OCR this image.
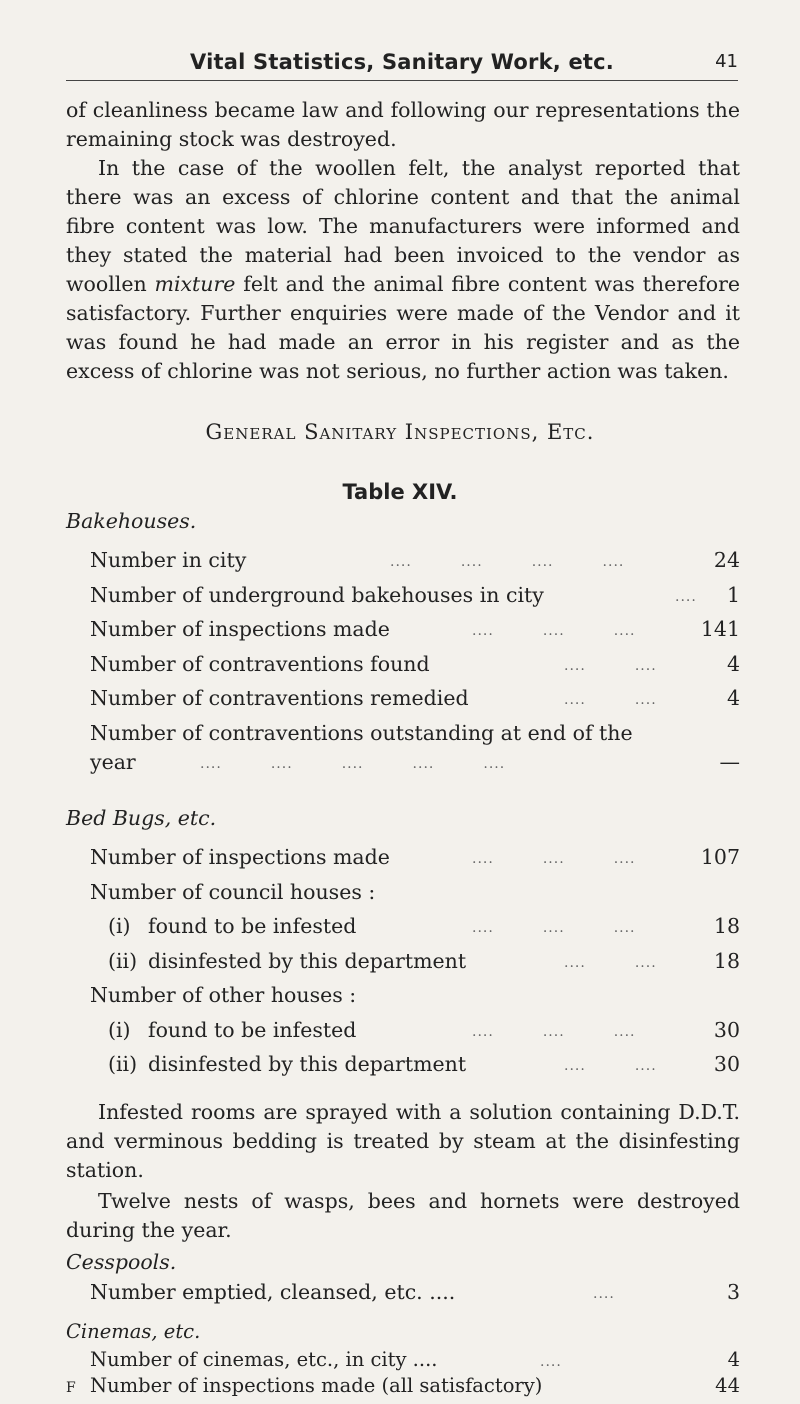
Vital Statistics, Sanitary Work, etc.	41

of cleanliness became law and following our representations the remaining stock was destroyed.

In the case of the woollen felt, the analyst reported that there was an excess of chlorine content and that the animal fibre content was low. The manufacturers were informed and they stated the material had been invoiced to the vendor as woollen mixture felt and the animal fibre content was therefore satisfactory. Further enquiries were made of the Vendor and it was found he had made an error in his register and as the excess of chlorine was not serious, no further action was taken.

General Sanitary Inspections, Etc.
Table XIV.
Bakehouses.
Number in city	....         ....         ....         ....	24
Number of underground bakehouses in city	.... 1
Number of inspections made	....         ....         ....	141
Number of contraventions found	....         ....	4
Number of contraventions remedied	....         ....	4
Number of contraventions outstanding at end of the
year	....         ....         ....         ....         ....	—
Bed Bugs, etc.
Number of inspections made	....         ....         ....	107
Number of council houses :
(i) found to be infested	....         ....         ....	18
(ii) disinfested by this department	....         ....	18
Number of other houses :
(i) found to be infested	....         ....         ....	30
(ii) disinfested by this department	....         ....	30

Infested rooms are sprayed with a solution containing D.D.T. and verminous bedding is treated by steam at the disinfesting station.

Twelve nests of wasps, bees and hornets were destroyed during the year.

Cesspools.
Number emptied, cleansed, etc. ....	....	3
Cinemas, etc.
Number of cinemas, etc., in city ....	....	4
Number of inspections made (all satisfactory)	44
F
